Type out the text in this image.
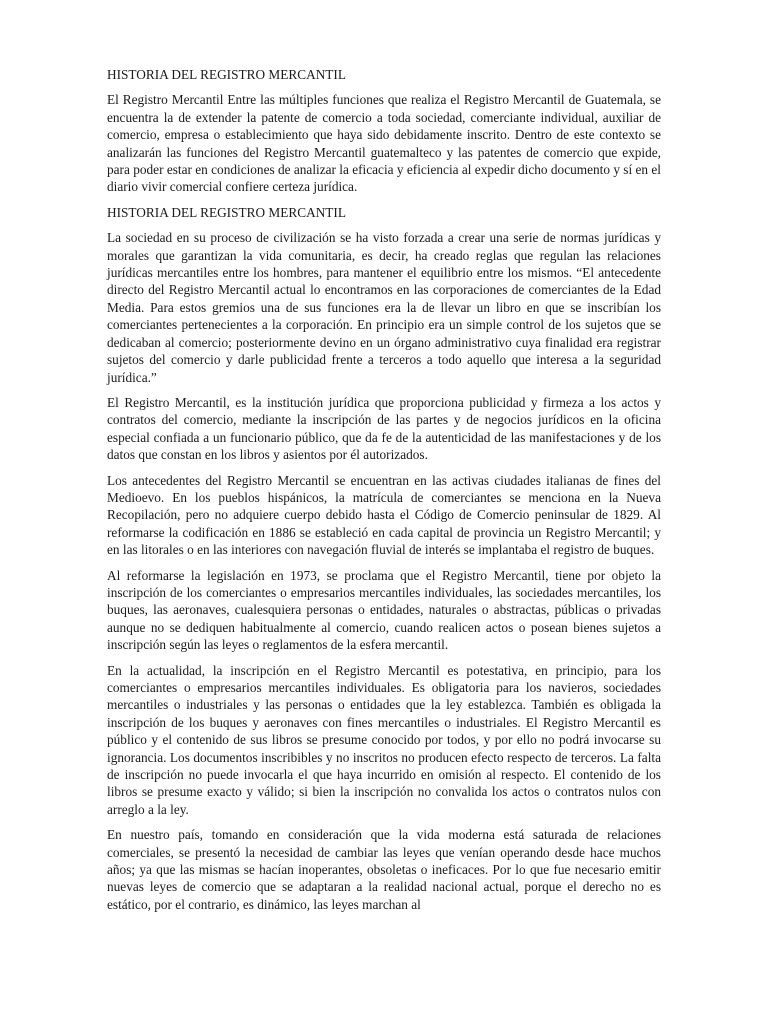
HISTORIA DEL REGISTRO MERCANTIL

El Registro Mercantil Entre las múltiples funciones que realiza el Registro Mercantil de Guatemala, se encuentra la de extender la patente de comercio a toda sociedad, comerciante individual, auxiliar de comercio, empresa o establecimiento que haya sido debidamente inscrito. Dentro de este contexto se analizarán las funciones del Registro Mercantil guatemalteco y las patentes de comercio que expide, para poder estar en condiciones de analizar la eficacia y eficiencia al expedir dicho documento y sí en el diario vivir comercial confiere certeza jurídica.

HISTORIA DEL REGISTRO MERCANTIL

La sociedad en su proceso de civilización se ha visto forzada a crear una serie de normas jurídicas y morales que garantizan la vida comunitaria, es decir, ha creado reglas que regulan las relaciones jurídicas mercantiles entre los hombres, para mantener el equilibrio entre los mismos. “El antecedente directo del Registro Mercantil actual lo encontramos en las corporaciones de comerciantes de la Edad Media. Para estos gremios una de sus funciones era la de llevar un libro en que se inscribían los comerciantes pertenecientes a la corporación. En principio era un simple control de los sujetos que se dedicaban al comercio; posteriormente devino en un órgano administrativo cuya finalidad era registrar sujetos del comercio y darle publicidad frente a terceros a todo aquello que interesa a la seguridad jurídica.”

El Registro Mercantil, es la institución jurídica que proporciona publicidad y firmeza a los actos y contratos del comercio, mediante la inscripción de las partes y de negocios jurídicos en la oficina especial confiada a un funcionario público, que da fe de la autenticidad de las manifestaciones y de los datos que constan en los libros y asientos por él autorizados.

Los antecedentes del Registro Mercantil se encuentran en las activas ciudades italianas de fines del Medioevo. En los pueblos hispánicos, la matrícula de comerciantes se menciona en la Nueva Recopilación, pero no adquiere cuerpo debido hasta el Código de Comercio peninsular de 1829. Al reformarse la codificación en 1886 se estableció en cada capital de provincia un Registro Mercantil; y en las litorales o en las interiores con navegación fluvial de interés se implantaba el registro de buques.

Al reformarse la legislación en 1973, se proclama que el Registro Mercantil, tiene por objeto la inscripción de los comerciantes o empresarios mercantiles individuales, las sociedades mercantiles, los buques, las aeronaves, cualesquiera personas o entidades, naturales o abstractas, públicas o privadas aunque no se dediquen habitualmente al comercio, cuando realicen actos o posean bienes sujetos a inscripción según las leyes o reglamentos de la esfera mercantil.

En la actualidad, la inscripción en el Registro Mercantil es potestativa, en principio, para los comerciantes o empresarios mercantiles individuales. Es obligatoria para los navieros, sociedades mercantiles o industriales y las personas o entidades que la ley establezca. También es obligada la inscripción de los buques y aeronaves con fines mercantiles o industriales. El Registro Mercantil es público y el contenido de sus libros se presume conocido por todos, y por ello no podrá invocarse su ignorancia. Los documentos inscribibles y no inscritos no producen efecto respecto de terceros. La falta de inscripción no puede invocarla el que haya incurrido en omisión al respecto. El contenido de los libros se presume exacto y válido; si bien la inscripción no convalida los actos o contratos nulos con arreglo a la ley.

En nuestro país, tomando en consideración que la vida moderna está saturada de relaciones comerciales, se presentó la necesidad de cambiar las leyes que venían operando desde hace muchos años; ya que las mismas se hacían inoperantes, obsoletas o ineficaces. Por lo que fue necesario emitir nuevas leyes de comercio que se adaptaran a la realidad nacional actual, porque el derecho no es estático, por el contrario, es dinámico, las leyes marchan al
